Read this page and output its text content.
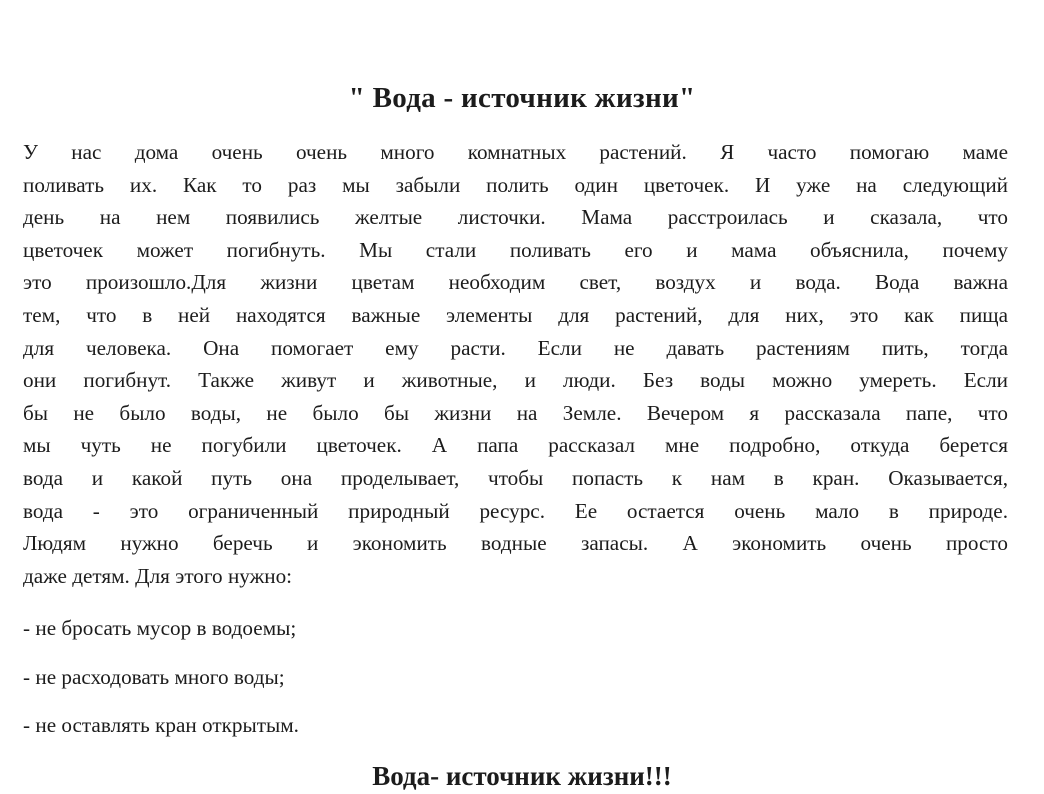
" Вода - источник жизни"
У нас дома очень очень много комнатных растений. Я часто помогаю маме
поливать их. Как то раз мы забыли полить один цветочек. И уже на следующий
день на нем появились желтые листочки. Мама расстроилась и сказала, что
цветочек может погибнуть. Мы стали поливать его и мама объяснила, почему
это произошло.Для жизни цветам необходим свет, воздух и вода. Вода важна
тем, что в ней находятся важные элементы для растений, для них, это как пища
для человека. Она помогает ему расти. Если не давать растениям пить, тогда
они погибнут. Также живут и животные, и люди. Без воды можно умереть. Если
бы не было воды, не было бы жизни на Земле. Вечером я рассказала папе, что
мы чуть не погубили цветочек. А папа рассказал мне подробно, откуда берется
вода и какой путь она проделывает, чтобы попасть к нам в кран. Оказывается,
вода - это ограниченный природный ресурс. Ее остается очень мало в природе.
Людям нужно беречь и экономить водные запасы. А экономить очень просто
даже детям. Для этого нужно:
- не бросать мусор в водоемы;
- не расходовать много воды;
- не оставлять кран открытым.
Вода- источник жизни!!!
